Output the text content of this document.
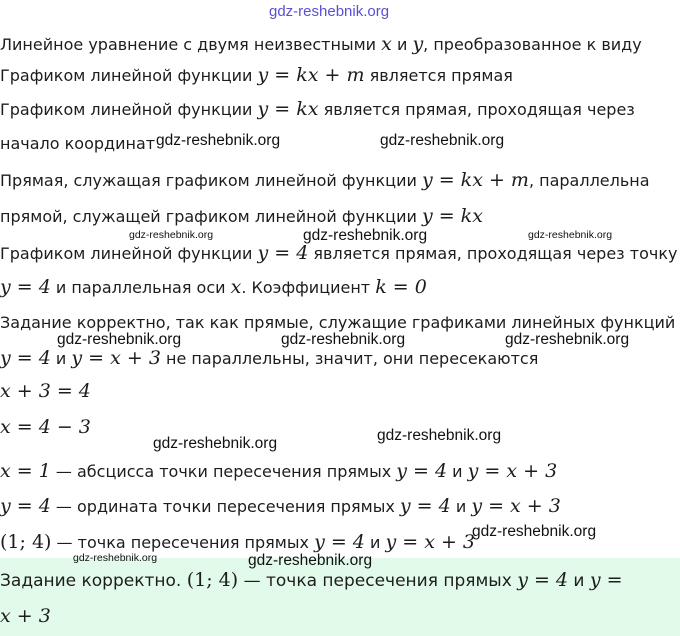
gdz-reshebnik.org
Линейное уравнение с двумя неизвестными x и y, преобразованное к виду
Графиком линейной функции y = kx + m является прямая
Графиком линейной функции y = kx является прямая, проходящая через
начало координат gdz-reshebnik.org	gdz-reshebnik.org
Прямая, служащая графиком линейной функции y = kx + m, параллельна
прямой, служащей графиком линейной функции y = kx
gdz-reshebnik.org	gdz-reshebnik.org	gdz-reshebnik.org
Графиком линейной функции y = 4 является прямая, проходящая через точку
y = 4 и параллельная оси x. Коэффициент k = 0
Задание корректно, так как прямые, служащие графиками линейных функций
gdz-reshebnik.org	gdz-reshebnik.org	gdz-reshebnik.org
y = 4 и y = x + 3 не параллельны, значит, они пересекаются
x + 3 = 4
x = 4 − 3
gdz-reshebnik.org	gdz-reshebnik.org
x = 1 — абсцисса точки пересечения прямых y = 4 и y = x + 3
y = 4 — ордината точки пересечения прямых y = 4 и y = x + 3
gdz-reshebnik.org
(1; 4) — точка пересечения прямых y = 4 и y = x + 3
gdz-reshebnik.org	gdz-reshebnik.org
Задание корректно. (1; 4) — точка пересечения прямых y = 4 и y =
x + 3
